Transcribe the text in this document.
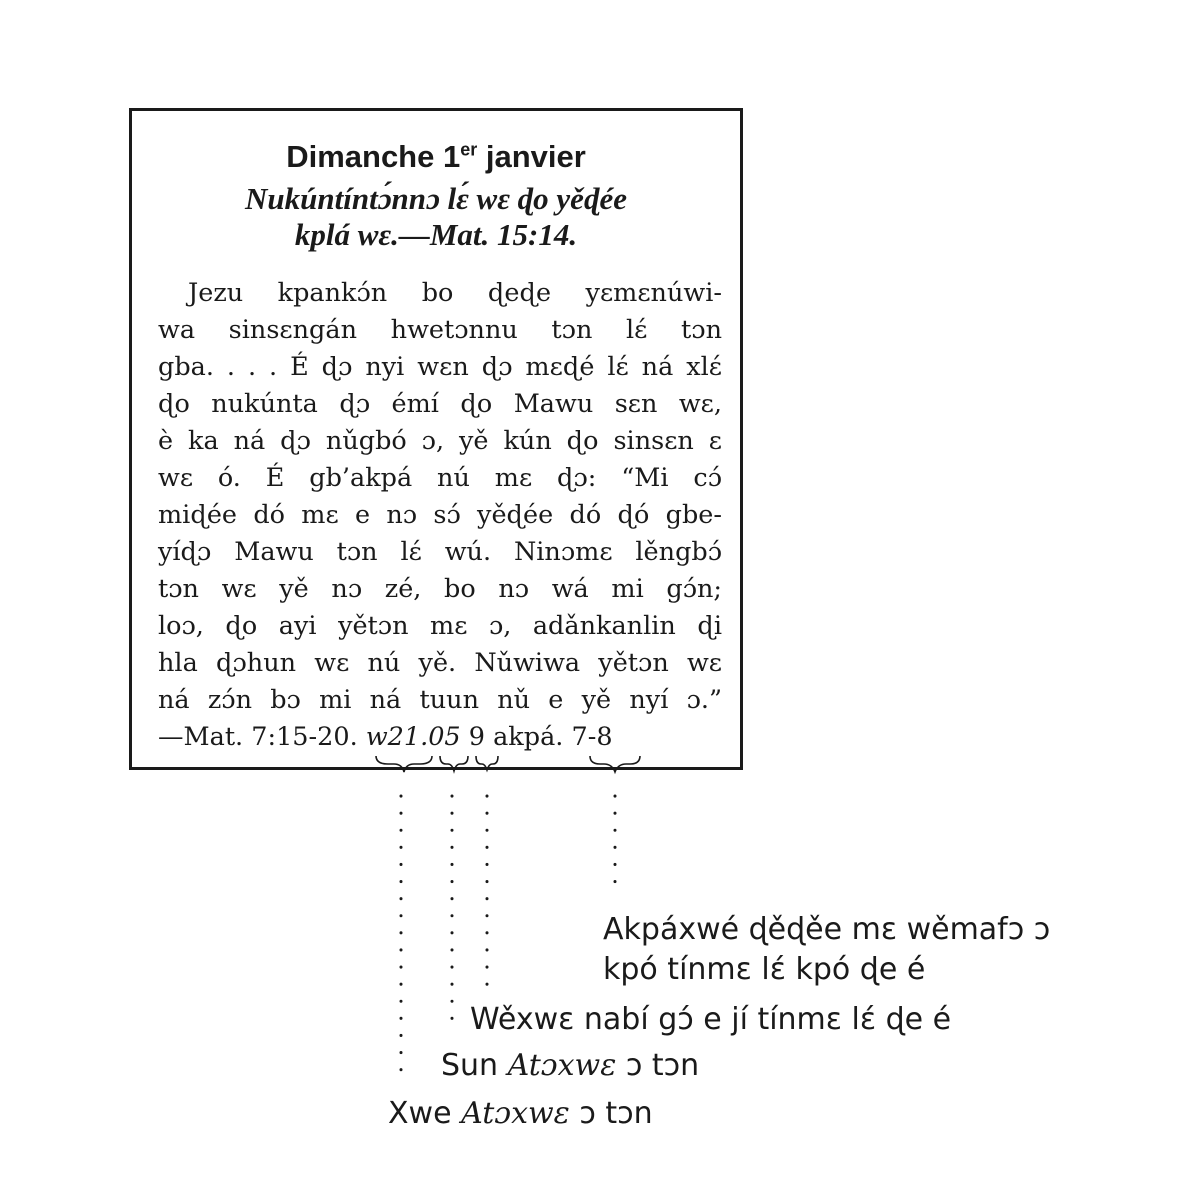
Dimanche 1er janvier
Nukúntíntɔ́nnɔ lɛ́ wɛ ɖo yěɖée
kplá wɛ.—Mat. 15:14.
Jezu kpankɔ́n bo ɖeɖe yɛmɛnúwi-
wa sinsɛngán hwetɔnnu tɔn lɛ́ tɔn
gba. . . . É ɖɔ nyi wɛn ɖɔ mɛɖé lɛ́ ná xlɛ́
ɖo nukúnta ɖɔ émí ɖo Mawu sɛn wɛ,
è ka ná ɖɔ nǔgbó ɔ, yě kún ɖo sinsɛn ɛ
wɛ ó. É gb’akpá nú mɛ ɖɔ: “Mi cɔ́
miɖée dó mɛ e nɔ sɔ́ yěɖée dó ɖó gbe-
yíɖɔ Mawu tɔn lɛ́ wú. Ninɔmɛ lěngbɔ́
tɔn wɛ yě nɔ zé, bo nɔ wá mi gɔ́n;
loɔ, ɖo ayi yětɔn mɛ ɔ, adǎnkanlin ɖi
hla ɖɔhun wɛ nú yě. Nǔwiwa yětɔn wɛ
ná zɔ́n bɔ mi ná tuun nǔ e yě nyí ɔ.”
—Mat. 7:15-20. w21.05 9 akpá. 7-8
Akpáxwé ɖěɖěe mɛ wěmafɔ ɔ
kpó tínmɛ lɛ́ kpó ɖe é
Wěxwɛ nabí gɔ́ e jí tínmɛ lɛ́ ɖe é
Sun Atɔxwɛ ɔ tɔn
Xwe Atɔxwɛ ɔ tɔn
